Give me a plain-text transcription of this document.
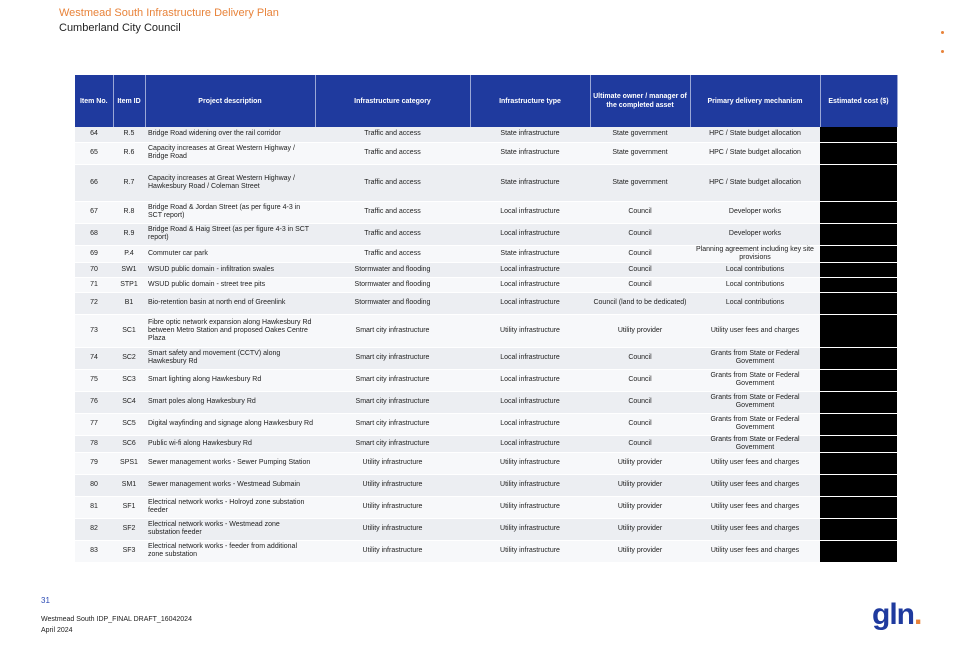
Westmead South Infrastructure Delivery Plan
Cumberland City Council
Item No.	Item ID	Project description	Infrastructure category	Infrastructure type	Ultimate owner / manager of the completed asset	Primary delivery mechanism	Estimated cost ($)
64	R.5	Bridge Road widening over the rail corridor	Traffic and access	State infrastructure	State government	HPC / State budget allocation	
65	R.6	Capacity increases at Great Western Highway / Bridge Road	Traffic and access	State infrastructure	State government	HPC / State budget allocation	
66	R.7	Capacity increases at Great Western Highway / Hawkesbury Road / Coleman Street	Traffic and access	State infrastructure	State government	HPC / State budget allocation	
67	R.8	Bridge Road & Jordan Street (as per figure 4-3 in SCT report)	Traffic and access	Local infrastructure	Council	Developer works	
68	R.9	Bridge Road & Haig Street (as per figure 4-3 in SCT report)	Traffic and access	Local infrastructure	Council	Developer works	
69	P.4	Commuter car park	Traffic and access	State infrastructure	Council	Planning agreement including key site provisions	
70	SW1	WSUD public domain - infiltration swales	Stormwater and flooding	Local infrastructure	Council	Local contributions	
71	STP1	WSUD public domain - street tree pits	Stormwater and flooding	Local infrastructure	Council	Local contributions	
72	B1	Bio-retention basin at north end of Greenlink	Stormwater and flooding	Local infrastructure	Council (land to be dedicated)	Local contributions	
73	SC1	Fibre optic network expansion along Hawkesbury Rd between Metro Station and proposed Oakes Centre Plaza	Smart city infrastructure	Utility infrastructure	Utility provider	Utility user fees and charges	
74	SC2	Smart safety and movement (CCTV) along Hawkesbury Rd	Smart city infrastructure	Local infrastructure	Council	Grants from State or Federal Government	
75	SC3	Smart lighting along Hawkesbury Rd	Smart city infrastructure	Local infrastructure	Council	Grants from State or Federal Government	
76	SC4	Smart poles along Hawkesbury Rd	Smart city infrastructure	Local infrastructure	Council	Grants from State or Federal Government	
77	SC5	Digital wayfinding and signage along Hawkesbury Rd	Smart city infrastructure	Local infrastructure	Council	Grants from State or Federal Government	
78	SC6	Public wi-fi along Hawkesbury Rd	Smart city infrastructure	Local infrastructure	Council	Grants from State or Federal Government	
79	SPS1	Sewer management works - Sewer Pumping Station	Utility infrastructure	Utility infrastructure	Utility provider	Utility user fees and charges	
80	SM1	Sewer management works - Westmead Submain	Utility infrastructure	Utility infrastructure	Utility provider	Utility user fees and charges	
81	SF1	Electrical network works - Holroyd zone substation feeder	Utility infrastructure	Utility infrastructure	Utility provider	Utility user fees and charges	
82	SF2	Electrical network works - Westmead zone substation feeder	Utility infrastructure	Utility infrastructure	Utility provider	Utility user fees and charges	
83	SF3	Electrical network works - feeder from additional zone substation	Utility infrastructure	Utility infrastructure	Utility provider	Utility user fees and charges	
31
Westmead South IDP_FINAL DRAFT_16042024
April 2024	gln.
